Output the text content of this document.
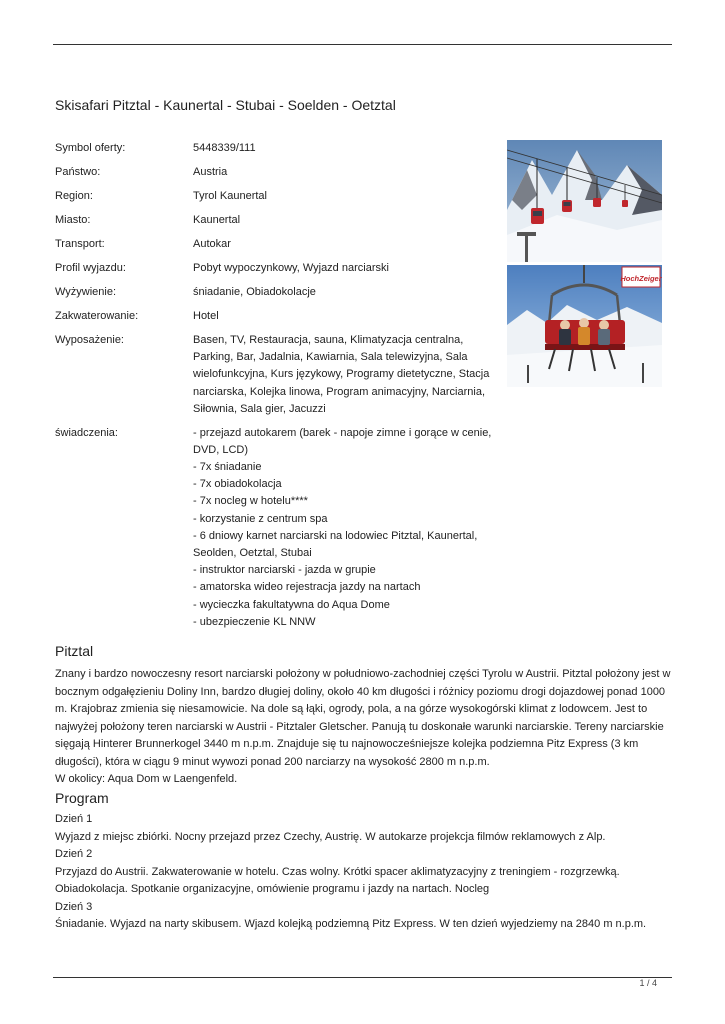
Skisafari Pitztal - Kaunertal - Stubai - Soelden - Oetztal
Symbol oferty:	5448339/111
Państwo:	Austria
Region:	Tyrol Kaunertal
Miasto:	Kaunertal
Transport:	Autokar
Profil wyjazdu:	Pobyt wypoczynkowy, Wyjazd narciarski
Wyżywienie:	śniadanie, Obiadokolacje
Zakwaterowanie:	Hotel
Wyposażenie:	Basen, TV, Restauracja, sauna, Klimatyzacja centralna,
Parking, Bar, Jadalnia, Kawiarnia, Sala telewizyjna, Sala
wielofunkcyjna, Kurs językowy, Programy dietetyczne, Stacja
narciarska, Kolejka linowa, Program animacyjny, Narciarnia,
Siłownia, Sala gier, Jacuzzi
świadczenia:	- przejazd autokarem (barek - napoje zimne i gorące w cenie,
DVD, LCD)
- 7x śniadanie
- 7x obiadokolacja
- 7x nocleg w hotelu****
- korzystanie z centrum spa
- 6 dniowy karnet narciarski na lodowiec Pitztal, Kaunertal,
Seolden, Oetztal, Stubai
- instruktor narciarski - jazda w grupie
- amatorska wideo rejestracja jazdy na nartach
- wycieczka fakultatywna do Aqua Dome
- ubezpieczenie KL NNW
HochZeiger
Pitztal
Znany i bardzo nowoczesny resort narciarski położony w południowo-zachodniej części Tyrolu w Austrii. Pitztal położony jest w
bocznym odgałęzieniu Doliny Inn, bardzo długiej doliny, około 40 km długości i różnicy poziomu drogi dojazdowej ponad 1000
m. Krajobraz zmienia się niesamowicie. Na dole są łąki, ogrody, pola, a na górze wysokogórski klimat z lodowcem. Jest to
najwyżej położony teren narciarski w Austrii - Pitztaler Gletscher. Panują tu doskonałe warunki narciarskie. Tereny narciarskie
sięgają Hinterer Brunnerkogel 3440 m n.p.m. Znajduje się tu najnowocześniejsze kolejka podziemna Pitz Express (3 km
długości), która w ciągu 9 minut wywozi ponad 200 narciarzy na wysokość 2800 m n.p.m.
W okolicy: Aqua Dom w Laengenfeld.
Program
Dzień 1
Wyjazd z miejsc zbiórki. Nocny przejazd przez Czechy, Austrię. W autokarze projekcja filmów reklamowych z Alp.
Dzień 2
Przyjazd do Austrii. Zakwaterowanie w hotelu. Czas wolny. Krótki spacer aklimatyzacyjny z treningiem - rozgrzewką.
Obiadokolacja. Spotkanie organizacyjne, omówienie programu i jazdy na nartach. Nocleg
Dzień 3
Śniadanie. Wyjazd na narty skibusem. Wjazd kolejką podziemną Pitz Express. W ten dzień wyjedziemy na 2840 m n.p.m.
1 / 4
